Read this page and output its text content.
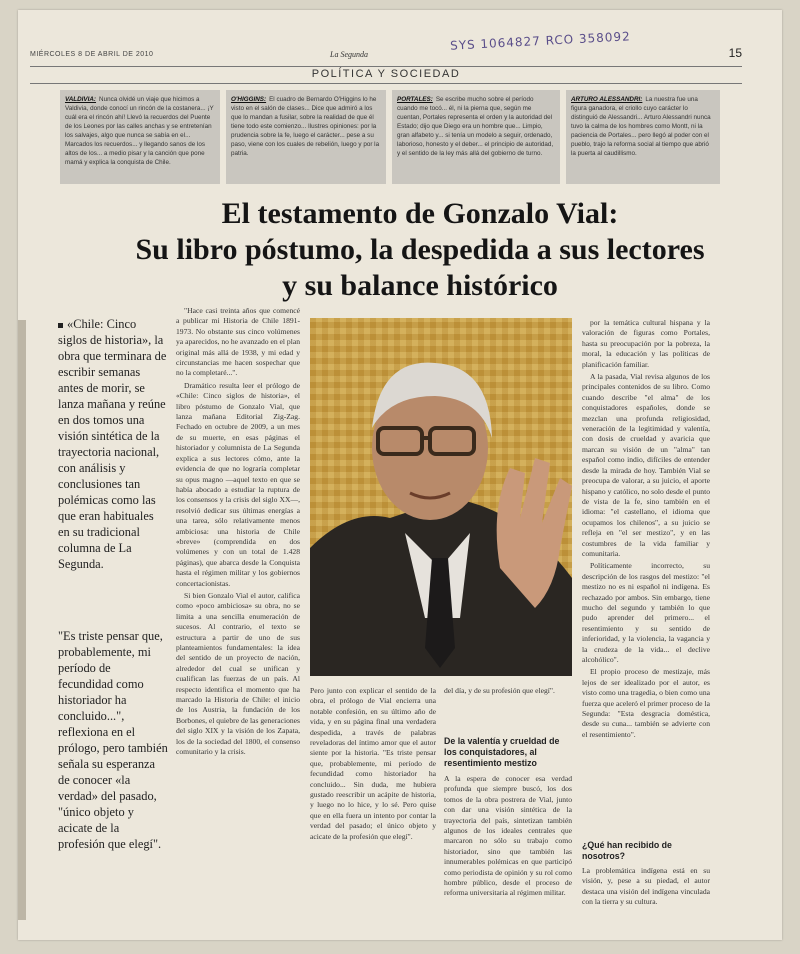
MIÉRCOLES 8 DE ABRIL DE 2010	La Segunda
SYS 1064827 RCO 358092
15
POLÍTICA Y SOCIEDAD
VALDIVIA: Nunca olvidé un viaje que hicimos a Valdivia, donde conocí un rincón de la costanera... ¡Y cuál era el rincón ahí! Llevó la recuerdos del Puente de los Leones por las calles anchas y se entretenían los salvajes, algo que nunca se sabía en el... Marcados los recuerdos... y llegando sanos de los altos de los... a medio pisar y la canción que pone mamá y explica la conquista de Chile.
O'HIGGINS: El cuadro de Bernardo O'Higgins lo he visto en el salón de clases... Dice que admiró a los que lo mandan a fusilar, sobre la realidad de que él tiene todo este comienzo... Ilustres opiniones: por la prudencia sobre la fe, luego el carácter... pese a su paso, viene con los cuales de rebelión, luego y por la patria.
PORTALES: Se escribe mucho sobre el período cuando me tocó... él, ni la pierna que, según me cuentan, Portales representa el orden y la autoridad del Estado; dijo que Diego era un hombre que... Limpio, gran alfabeto y... si tenía un modelo a seguir, ordenado, laborioso, honesto y el deber... el principio de autoridad, y el sentido de la ley más allá del gobierno de turno.
ARTURO ALESSANDRI: La nuestra fue una figura ganadora, el criollo cuyo carácter lo distinguió de Alessandri... Arturo Alessandri nunca tuvo la calma de los hombres como Montt, ni la paciencia de Portales... pero llegó al poder con el pueblo, trajo la reforma social al tiempo que abrió la puerta al caudillismo.
El testamento de Gonzalo Vial:
Su libro póstumo, la despedida a sus lectores
y su balance histórico
«Chile: Cinco siglos de historia», la obra que terminara de escribir semanas antes de morir, se lanza mañana y reúne en dos tomos una visión sintética de la trayectoria nacional, con análisis y conclusiones tan polémicas como las que eran habituales en su tradicional columna de La Segunda.
"Es triste pensar que, probablemente, mi período de fecundidad como historiador ha concluido...", reflexiona en el prólogo, pero también señala su esperanza de conocer «la verdad» del pasado, "único objeto y acicate de la profesión que elegí".

"Hace casi treinta años que comencé a publicar mi Historia de Chile 1891-1973. No obstante sus cinco volúmenes ya aparecidos, no he avanzado en el plan original más allá de 1938, y mi edad y circunstancias me hacen sospechar que no la completaré...".

Dramático resulta leer el prólogo de «Chile: Cinco siglos de historia», el libro póstumo de Gonzalo Vial, que lanza mañana Editorial Zig-Zag. Fechado en octubre de 2009, a un mes de su muerte, en esas páginas el historiador y columnista de La Segunda explica a sus lectores cómo, ante la evidencia de que no lograría completar su opus magno —aquel texto en que se había abocado a estudiar la ruptura de los consensos y la crisis del siglo XX—, resolvió dedicar sus últimas energías a una tarea, sólo relativamente menos ambiciosa: una historia de Chile «breve» (comprendida en dos volúmenes y con un total de 1.428 páginas), que abarca desde la Conquista hasta el régimen militar y los gobiernos concertacionistas.

Si bien Gonzalo Vial el autor, califica como «poco ambiciosa» su obra, no se limita a una sencilla enumeración de sucesos. Al contrario, el texto se estructura a partir de uno de sus planteamientos fundamentales: la idea del sentido de un proyecto de nación, alrededor del cual se unifican y cualifican las fuerzas de un país. Al respecto identifica el momento que ha marcado la Historia de Chile: el inicio de los Austria, la fundación de los Borbones, el quiebre de las generaciones del siglo XIX y la visión de los Zapata, los de la sociedad del 1800, el consenso comunitario y la crisis.

Pero junto con explicar el sentido de la obra, el prólogo de Vial encierra una notable confesión, en su último año de vida, y en su página final una verdadera despedida, a través de palabras reveladoras del íntimo amor que el autor siente por la historia. "Es triste pensar que, probablemente, mi período de fecundidad como historiador ha concluido... Sin duda, me hubiera gustado reescribir un acápite de historia, y luego no lo hice, y lo sé. Pero quise que en ella fuera un intento por contar la verdad del pasado; el único objeto y acicate de la profesión que elegí".
del día, y de su profesión que elegí".
De la valentía y crueldad de los conquistadores, al resentimiento mestizo
A la espera de conocer esa verdad profunda que siempre buscó, los dos tomos de la obra postrera de Vial, junto con dar una visión sintética de la trayectoria del país, sintetizan también algunos de los ideales centrales que marcaron no sólo su trabajo como historiador, sino que también las innumerables polémicas en que participó como periodista de opinión y su rol como hombre público, desde el proceso de reforma universitaria al régimen militar.

por la temática cultural hispana y la valoración de figuras como Portales, hasta su preocupación por la pobreza, la moral, la educación y las políticas de planificación familiar.

A la pasada, Vial revisa algunos de los principales contenidos de su libro. Como cuando describe "el alma" de los conquistadores españoles, donde se mezclan una profunda religiosidad, veneración de la legitimidad y valentía, con dosis de crueldad y avaricia que marcan su visión de un "alma" tan español como indio, difíciles de entender desde la mirada de hoy. También Vial se preocupa de valorar, a su juicio, el aporte hispano y católico, no solo desde el punto de vista de la fe, sino también en el idioma: "el castellano, el idioma que ocupamos los chilenos", a su juicio se refleja en "el ser mestizo", y en las costumbres de la vida familiar y comunitaria.

Políticamente incorrecto, su descripción de los rasgos del mestizo: "el mestizo no es ni español ni indígena. Es rechazado por ambos. Sin embargo, tiene mucho del segundo y también lo que pudo aprender del primero... el resentimiento y su sentido de inferioridad, y la violencia, la vagancia y la crudeza de la vida... el declive alcohólico".

El propio proceso de mestizaje, más lejos de ser idealizado por el autor, es visto como una tragedia, o bien como una fuerza que aceleró el primer proceso de la Segunda: "Esta desgracia doméstica, desde su cuna... también se advierte con el resentimiento".

¿Qué han recibido de nosotros?
La problemática indígena está en su visión, y, pese a su piedad, el autor destaca una visión del indígena vinculada con la tierra y su cultura.
